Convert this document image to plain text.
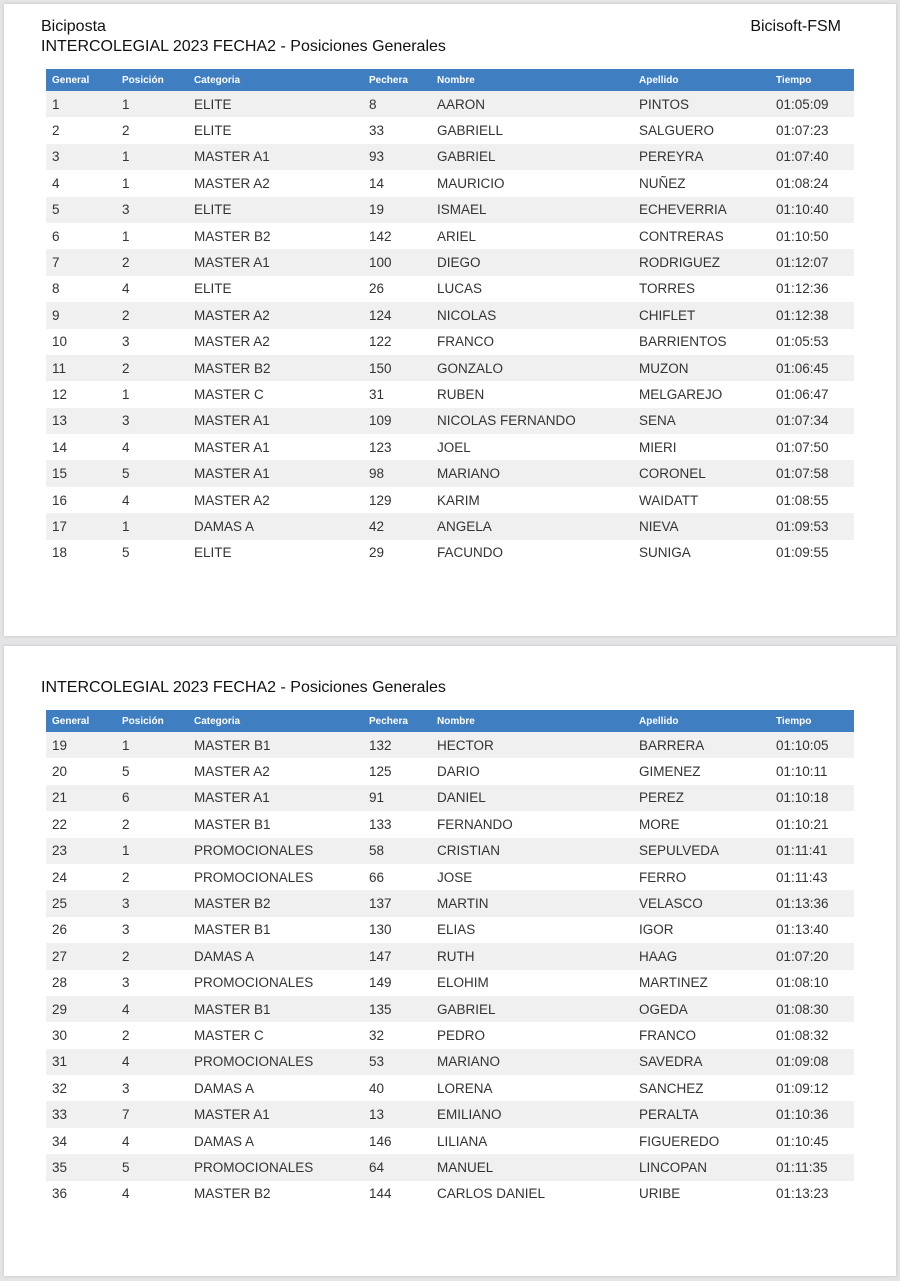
Biciposta	Bicisoft-FSM
INTERCOLEGIAL 2023 FECHA2 - Posiciones Generales
General	Posición	Categoria	Pechera	Nombre	Apellido	Tiempo
1	1	ELITE	8	AARON	PINTOS	01:05:09
2	2	ELITE	33	GABRIELL	SALGUERO	01:07:23
3	1	MASTER A1	93	GABRIEL	PEREYRA	01:07:40
4	1	MASTER A2	14	MAURICIO	NUÑEZ	01:08:24
5	3	ELITE	19	ISMAEL	ECHEVERRIA	01:10:40
6	1	MASTER B2	142	ARIEL	CONTRERAS	01:10:50
7	2	MASTER A1	100	DIEGO	RODRIGUEZ	01:12:07
8	4	ELITE	26	LUCAS	TORRES	01:12:36
9	2	MASTER A2	124	NICOLAS	CHIFLET	01:12:38
10	3	MASTER A2	122	FRANCO	BARRIENTOS	01:05:53
11	2	MASTER B2	150	GONZALO	MUZON	01:06:45
12	1	MASTER C	31	RUBEN	MELGAREJO	01:06:47
13	3	MASTER A1	109	NICOLAS FERNANDO	SENA	01:07:34
14	4	MASTER A1	123	JOEL	MIERI	01:07:50
15	5	MASTER A1	98	MARIANO	CORONEL	01:07:58
16	4	MASTER A2	129	KARIM	WAIDATT	01:08:55
17	1	DAMAS A	42	ANGELA	NIEVA	01:09:53
18	5	ELITE	29	FACUNDO	SUNIGA	01:09:55
INTERCOLEGIAL 2023 FECHA2 - Posiciones Generales
General	Posición	Categoria	Pechera	Nombre	Apellido	Tiempo
19	1	MASTER B1	132	HECTOR	BARRERA	01:10:05
20	5	MASTER A2	125	DARIO	GIMENEZ	01:10:11
21	6	MASTER A1	91	DANIEL	PEREZ	01:10:18
22	2	MASTER B1	133	FERNANDO	MORE	01:10:21
23	1	PROMOCIONALES	58	CRISTIAN	SEPULVEDA	01:11:41
24	2	PROMOCIONALES	66	JOSE	FERRO	01:11:43
25	3	MASTER B2	137	MARTIN	VELASCO	01:13:36
26	3	MASTER B1	130	ELIAS	IGOR	01:13:40
27	2	DAMAS A	147	RUTH	HAAG	01:07:20
28	3	PROMOCIONALES	149	ELOHIM	MARTINEZ	01:08:10
29	4	MASTER B1	135	GABRIEL	OGEDA	01:08:30
30	2	MASTER C	32	PEDRO	FRANCO	01:08:32
31	4	PROMOCIONALES	53	MARIANO	SAVEDRA	01:09:08
32	3	DAMAS A	40	LORENA	SANCHEZ	01:09:12
33	7	MASTER A1	13	EMILIANO	PERALTA	01:10:36
34	4	DAMAS A	146	LILIANA	FIGUEREDO	01:10:45
35	5	PROMOCIONALES	64	MANUEL	LINCOPAN	01:11:35
36	4	MASTER B2	144	CARLOS DANIEL	URIBE	01:13:23
